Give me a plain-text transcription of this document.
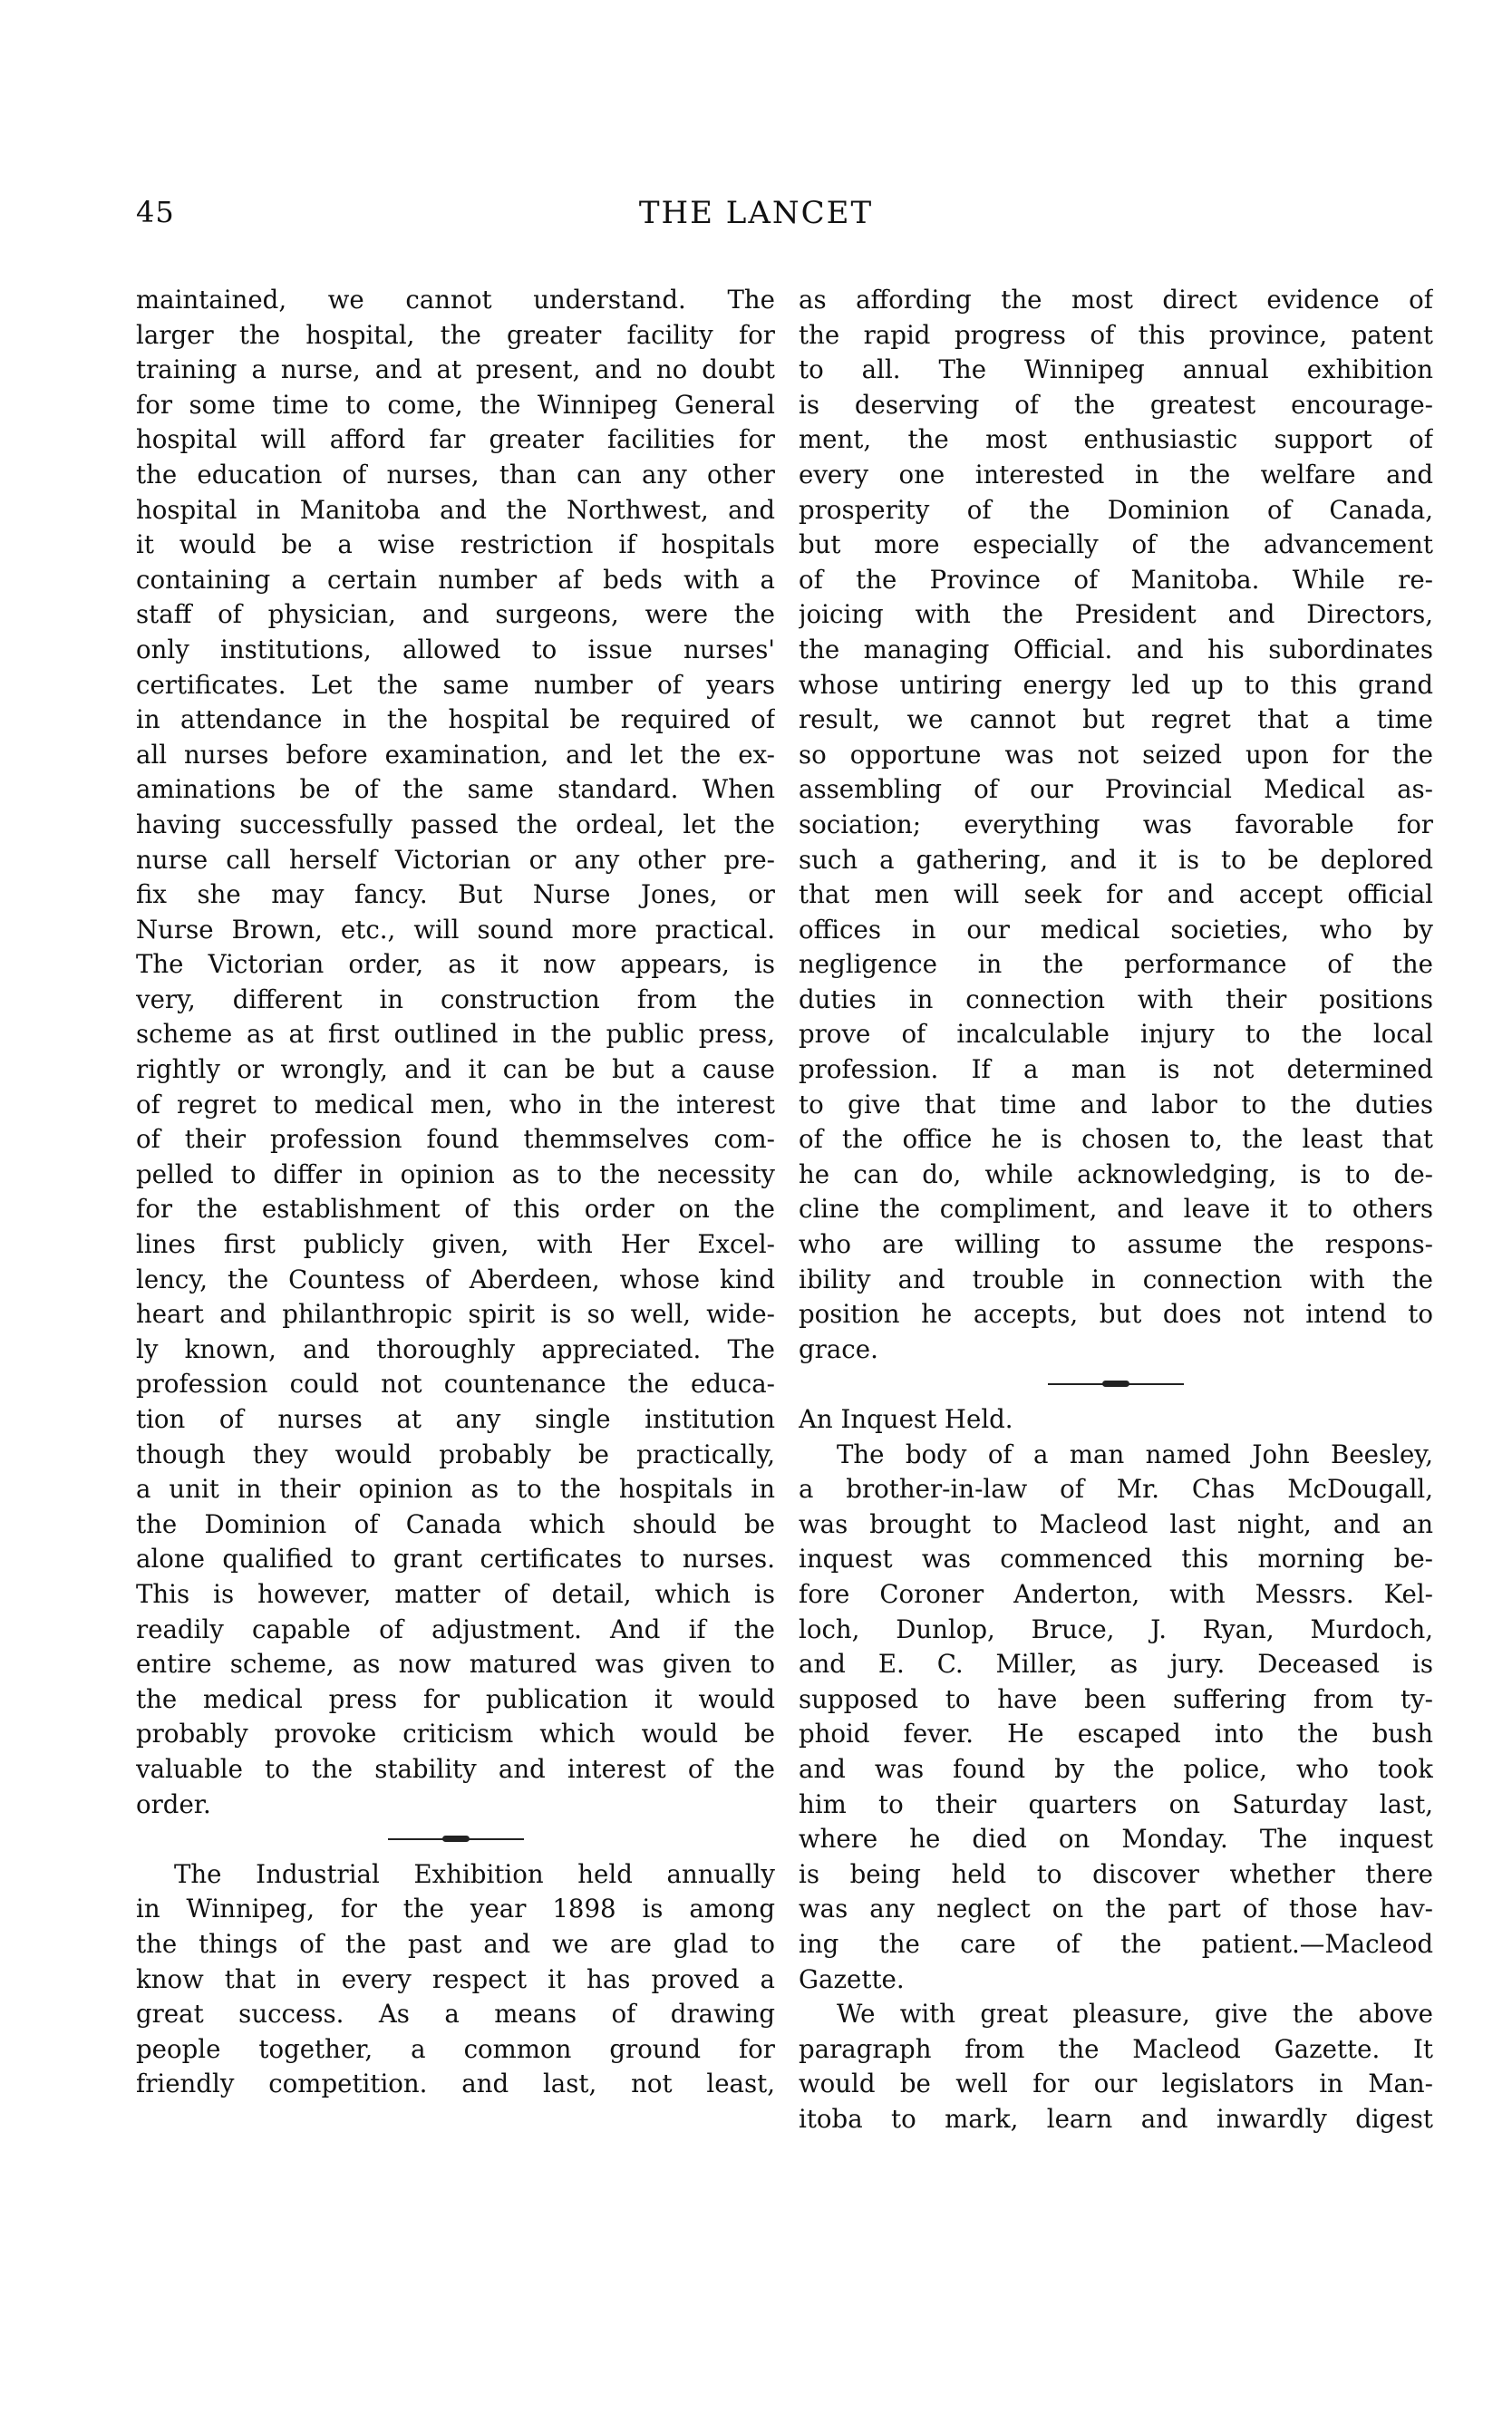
45	THE LANCET
maintained, we cannot understand. The
larger the hospital, the greater facility for
training a nurse, and at present, and no doubt
for some time to come, the Winnipeg General
hospital will afford far greater facilities for
the education of nurses, than can any other
hospital in Manitoba and the Northwest, and
it would be a wise restriction if hospitals
containing a certain number af beds with a
staff of physician, and surgeons, were the
only institutions, allowed to issue nurses'
certificates. Let the same number of years
in attendance in the hospital be required of
all nurses before examination, and let the ex-
aminations be of the same standard. When
having successfully passed the ordeal, let the
nurse call herself Victorian or any other pre-
fix she may fancy. But Nurse Jones, or
Nurse Brown, etc., will sound more practical.
The Victorian order, as it now appears, is
very, different in construction from the
scheme as at first outlined in the public press,
rightly or wrongly, and it can be but a cause
of regret to medical men, who in the interest
of their profession found themmselves com-
pelled to differ in opinion as to the necessity
for the establishment of this order on the
lines first publicly given, with Her Excel-
lency, the Countess of Aberdeen, whose kind
heart and philanthropic spirit is so well, wide-
ly known, and thoroughly appreciated. The
profession could not countenance the educa-
tion of nurses at any single institution
though they would probably be practically,
a unit in their opinion as to the hospitals in
the Dominion of Canada which should be
alone qualified to grant certificates to nurses.
This is however, matter of detail, which is
readily capable of adjustment. And if the
entire scheme, as now matured was given to
the medical press for publication it would
probably provoke criticism which would be
valuable to the stability and interest of the
order.
The Industrial Exhibition held annually
in Winnipeg, for the year 1898 is among
the things of the past and we are glad to
know that in every respect it has proved a
great success. As a means of drawing
people together, a common ground for
friendly competition. and last, not least,
as affording the most direct evidence of
the rapid progress of this province, patent
to all. The Winnipeg annual exhibition
is deserving of the greatest encourage-
ment, the most enthusiastic support of
every one interested in the welfare and
prosperity of the Dominion of Canada,
but more especially of the advancement
of the Province of Manitoba. While re-
joicing with the President and Directors,
the managing Official. and his subordinates
whose untiring energy led up to this grand
result, we cannot but regret that a time
so opportune was not seized upon for the
assembling of our Provincial Medical as-
sociation; everything was favorable for
such a gathering, and it is to be deplored
that men will seek for and accept official
offices in our medical societies, who by
negligence in the performance of the
duties in connection with their positions
prove of incalculable injury to the local
profession. If a man is not determined
to give that time and labor to the duties
of the office he is chosen to, the least that
he can do, while acknowledging, is to de-
cline the compliment, and leave it to others
who are willing to assume the respons-
ibility and trouble in connection with the
position he accepts, but does not intend to
grace.
An Inquest Held.
The body of a man named John Beesley,
a brother-in-law of Mr. Chas McDougall,
was brought to Macleod last night, and an
inquest was commenced this morning be-
fore Coroner Anderton, with Messrs. Kel-
loch, Dunlop, Bruce, J. Ryan, Murdoch,
and E. C. Miller, as jury. Deceased is
supposed to have been suffering from ty-
phoid fever. He escaped into the bush
and was found by the police, who took
him to their quarters on Saturday last,
where he died on Monday. The inquest
is being held to discover whether there
was any neglect on the part of those hav-
ing the care of the patient.—Macleod
Gazette.
We with great pleasure, give the above
paragraph from the Macleod Gazette. It
would be well for our legislators in Man-
itoba to mark, learn and inwardly digest
